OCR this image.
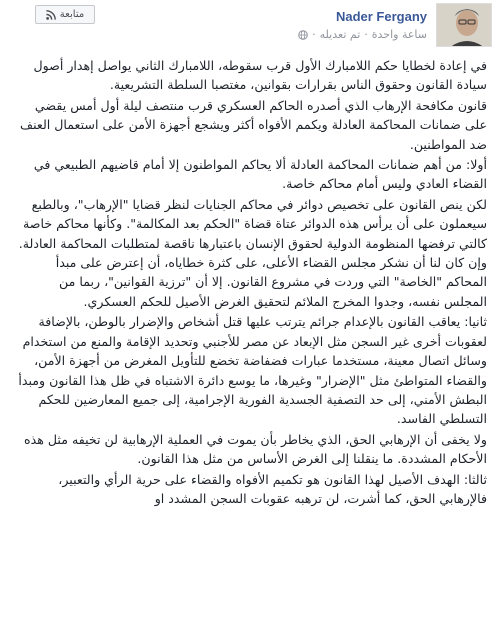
متابعة	Nader Fergany
ساعة واحدة
·
تم تعديله
·

في إعادة لخطايا حكم اللامبارك الأول قرب سقوطه، اللامبارك الثاني يواصل إهدار أصول سيادة القانون وحقوق الناس بقرارات بقوانين، مغتصبا السلطة التشريعية.

قانون مكافحة الإرهاب الذي أصدره الحاكم العسكري قرب منتصف ليلة أول أمس يقضي على ضمانات المحاكمة العادلة ويكمم الأفواه أكثر ويشجع أجهزة الأمن على استعمال العنف ضد المواطنين.

أولا: من أهم ضمانات المحاكمة العادلة ألا يحاكم المواطنون إلا أمام قاضيهم الطبيعي في القضاء العادي وليس أمام محاكم خاصة.

لكن ينص القانون على تخصيص دوائر في محاكم الجنايات لنظر قضايا "الإرهاب"، وبالطبع سيعملون على أن يرأس هذه الدوائر عتاة قضاة "الحكم بعد المكالمة". وكأنها محاكم خاصة كالتي ترفضها المنظومة الدولية لحقوق الإنسان باعتبارها ناقصة لمتطلبات المحاكمة العادلة. وإن كان لنا أن نشكر مجلس القضاء الأعلى، على كثرة خطاياه، أن إعترض على مبدأ المحاكم "الخاصة" التي وردت في مشروع القانون. إلا أن "ترزية القوانين"، ربما من المجلس نفسه، وجدوا المخرج الملائم لتحقيق الغرض الأصيل للحكم العسكري.

ثانيا: يعاقب القانون بالإعدام جرائم يترتب عليها قتل أشخاص والإضرار بالوطن، بالإضافة لعقوبات أخرى غير السجن مثل الإبعاد عن مصر للأجنبي وتحديد الإقامة والمنع من استخدام وسائل اتصال معينة، مستخدما عبارات فضفاضة تخضع للتأويل المغرض من أجهزة الأمن، والقضاء المتواطئ مثل "الإضرار" وغيرها، ما يوسع دائرة الاشتباه في ظل هذا القانون ومبدأ البطش الأمني، إلى حد التصفية الجسدية الفورية الإجرامية، إلى جميع المعارضين للحكم التسلطي الفاسد.

ولا يخفى أن الإرهابي الحق، الذي يخاطر بأن يموت في العملية الإرهابية لن تخيفه مثل هذه الأحكام المشددة. ما ينقلنا إلى الغرض الأساس من مثل هذا القانون.

ثالثا: الهدف الأصيل لهذا القانون هو تكميم الأفواه والقضاء على حرية الرأي والتعبير، فالإرهابي الحق، كما أشرت، لن ترهبه عقوبات السجن المشدد او
